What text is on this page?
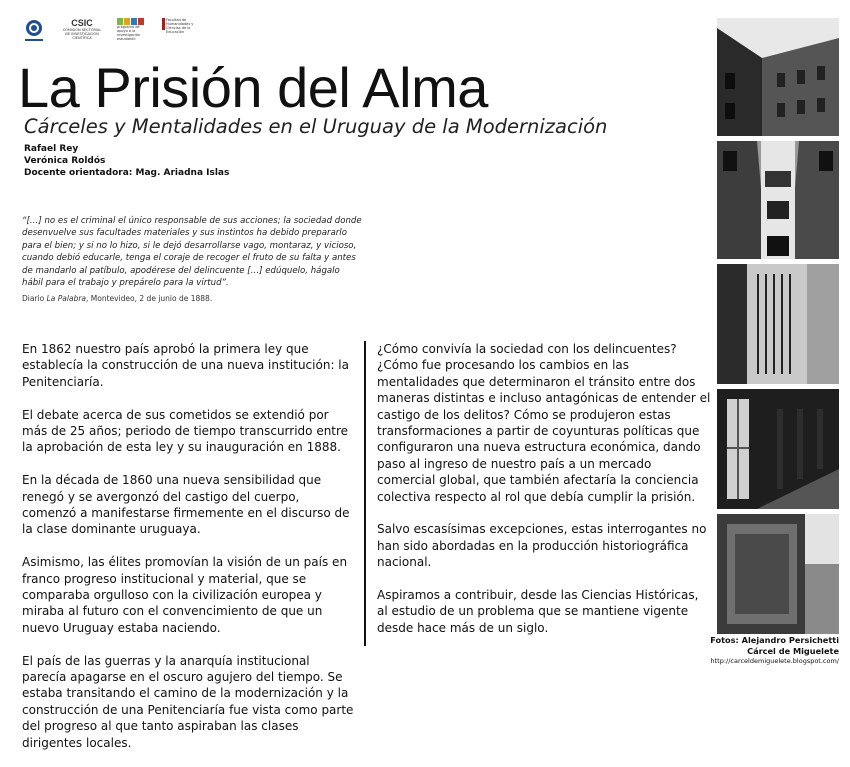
CSIC
COMISIÓN SECTORIAL DE INVESTIGACIÓN CIENTÍFICA
programa de apoyo a la investigación estudiantil
Facultad de Humanidades y Ciencias de la Educación
La Prisión del Alma
Cárceles y Mentalidades en el Uruguay de la Modernización
Rafael Rey
Verónica Roldós
Docente orientadora: Mag. Ariadna Islas
“[…] no es el criminal el único responsable de sus acciones; la sociedad donde desenvuelve sus facultades materiales y sus instintos ha debido prepararlo para el bien; y si no lo hizo, si le dejó desarrollarse vago, montaraz, y vicioso, cuando debió educarle, tenga el coraje de recoger el fruto de su falta y antes de mandarlo al patíbulo, apodérese del delincuente […] edúquelo, hágalo hábil para el trabajo y prepárelo para la virtud”.
Diario La Palabra, Montevideo, 2 de junio de 1888.

En 1862 nuestro país aprobó la primera ley que establecía la construcción de una nueva institución: la Penitenciaría.

El debate acerca de sus cometidos se extendió por más de 25 años; periodo de tiempo transcurrido entre la aprobación de esta ley y su inauguración en 1888.

En la década de 1860 una nueva sensibilidad que renegó y se avergonzó del castigo del cuerpo, comenzó a manifestarse firmemente en el discurso de la clase dominante uruguaya.

Asimismo, las élites promovían la visión de un país en franco progreso institucional y material, que se comparaba orgulloso con la civilización europea y miraba al futuro con el convencimiento de que un nuevo Uruguay estaba naciendo.

El país de las guerras y la anarquía institucional parecía apagarse en el oscuro agujero del tiempo. Se estaba transitando el camino de la modernización y la construcción de una Penitenciaría fue vista como parte del progreso al que tanto aspiraban las clases dirigentes locales.

¿Cómo convivía la sociedad con los delincuentes? ¿Cómo fue procesando los cambios en las mentalidades que determinaron el tránsito entre dos maneras distintas e incluso antagónicas de entender el castigo de los delitos? Cómo se produjeron estas transformaciones a partir de coyunturas políticas que configuraron una nueva estructura económica, dando paso al ingreso de nuestro país a un mercado comercial global, que también afectaría la conciencia colectiva respecto al rol que debía cumplir la prisión.

Salvo escasísimas excepciones, estas interrogantes no han sido abordadas en la producción historiográfica nacional.

Aspiramos a contribuir, desde las Ciencias Históricas, al estudio de un problema que se mantiene vigente desde hace más de un siglo.

Fotos: Alejandro Persichetti
Cárcel de Miguelete
http://carceldemiguelete.blogspot.com/
